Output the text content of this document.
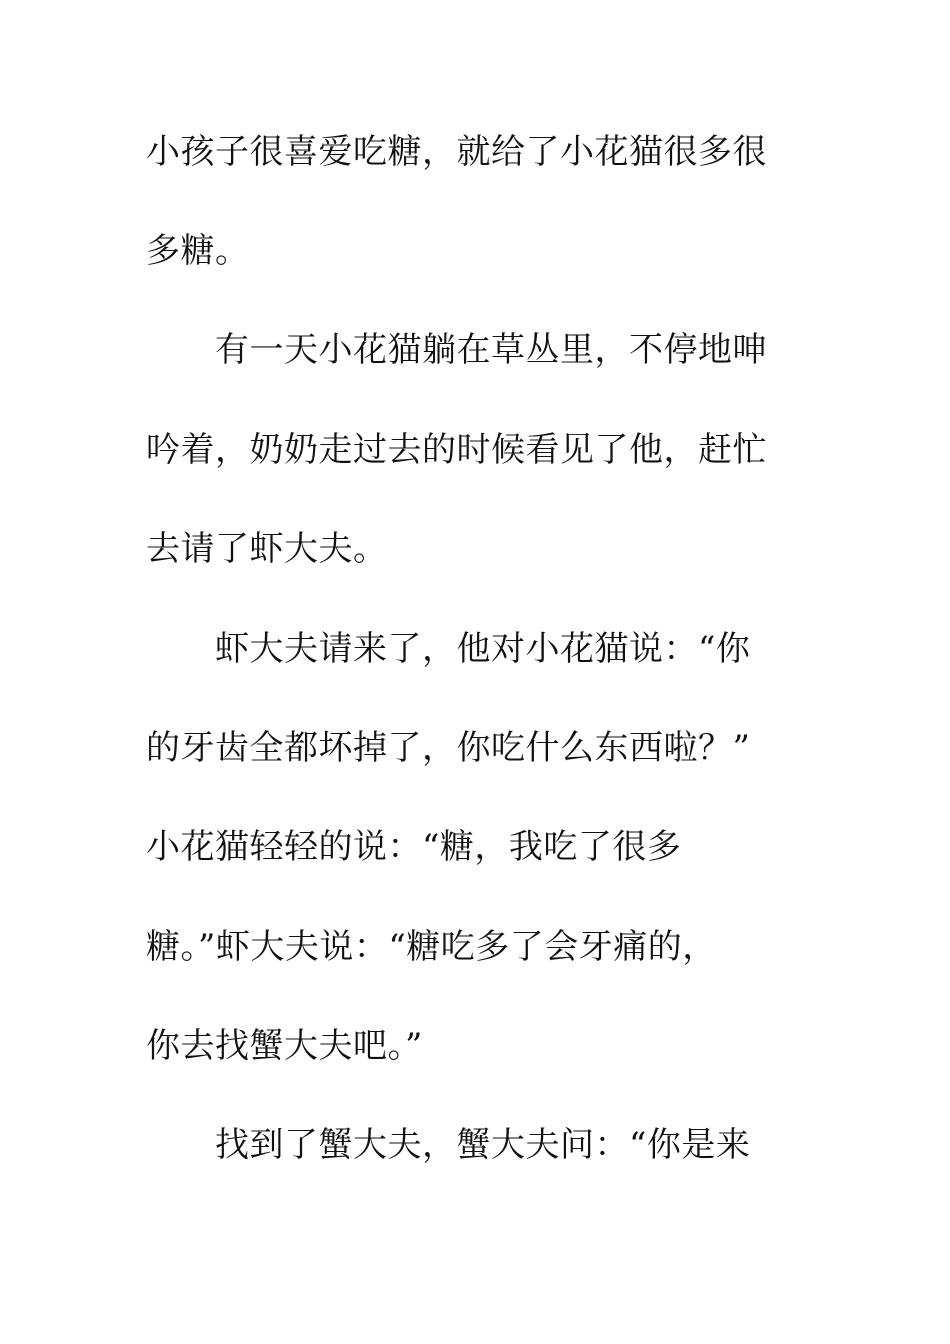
小孩子很喜爱吃糖，就给了小花猫很多很
多糖。
有一天小花猫躺在草丛里，不停地呻
吟着，奶奶走过去的时候看见了他，赶忙
去请了虾大夫。
虾大夫请来了，他对小花猫说：“你
的牙齿全都坏掉了，你吃什么东西啦？”
小花猫轻轻的说：“糖，我吃了很多
糖。”虾大夫说：“糖吃多了会牙痛的，
你去找蟹大夫吧。”
找到了蟹大夫，蟹大夫问：“你是来
